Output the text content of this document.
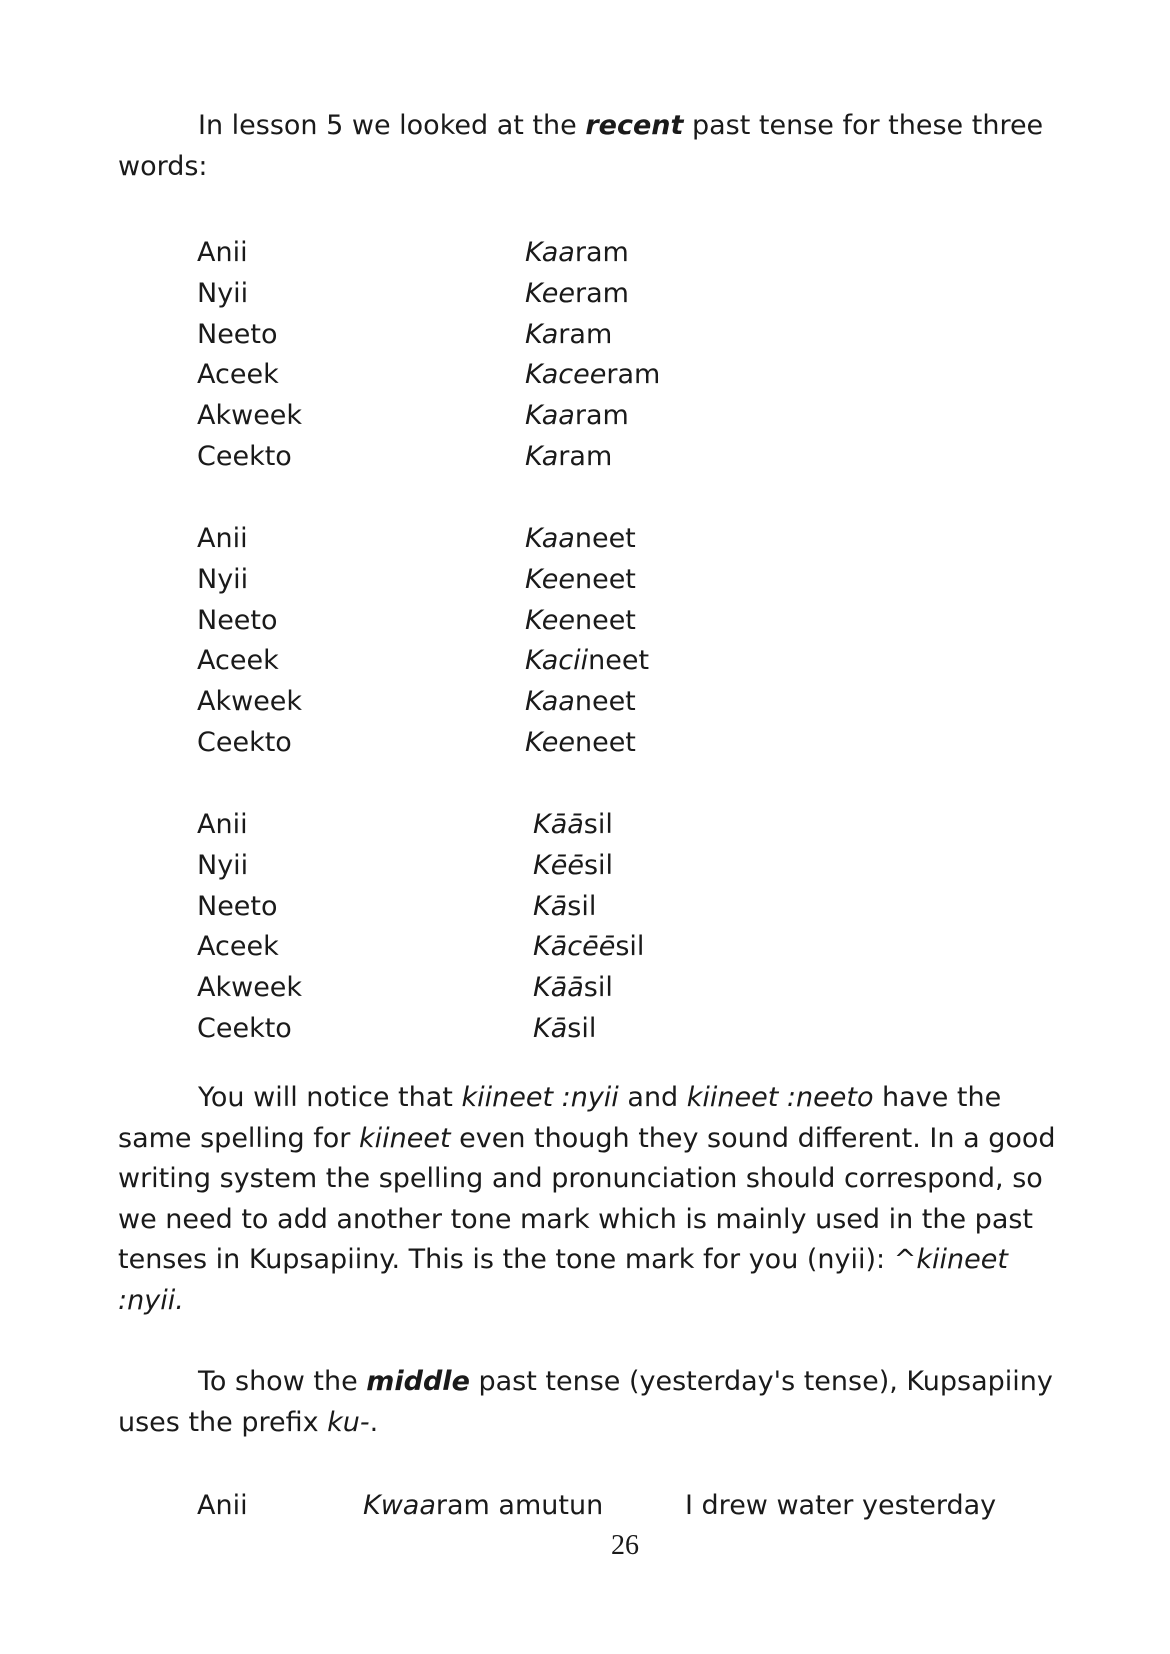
In lesson 5 we looked at the recent past tense for these three words:

Anii	Kaaram
Nyii	Keeram
Neeto	Karam
Aceek	Kaceeram
Akweek	Kaaram
Ceekto	Karam
Anii	Kaaneet
Nyii	Keeneet
Neeto	Keeneet
Aceek	Kaciineet
Akweek	Kaaneet
Ceekto	Keeneet
Anii	Kāāsil
Nyii	Kēēsil
Neeto	Kāsil
Aceek	Kācēēsil
Akweek	Kāāsil
Ceekto	Kāsil

You will notice that kiineet :nyii and kiineet :neeto have the same spelling for kiineet even though they sound different. In a good writing system the spelling and pronunciation should correspond, so we need to add another tone mark which is mainly used in the past tenses in Kupsapiiny. This is the tone mark for you (nyii): ^kiineet :nyii.

To show the middle past tense (yesterday's tense), Kupsapiiny uses the prefix ku-.

Anii	Kwaaram amutun	I drew water yesterday
26
